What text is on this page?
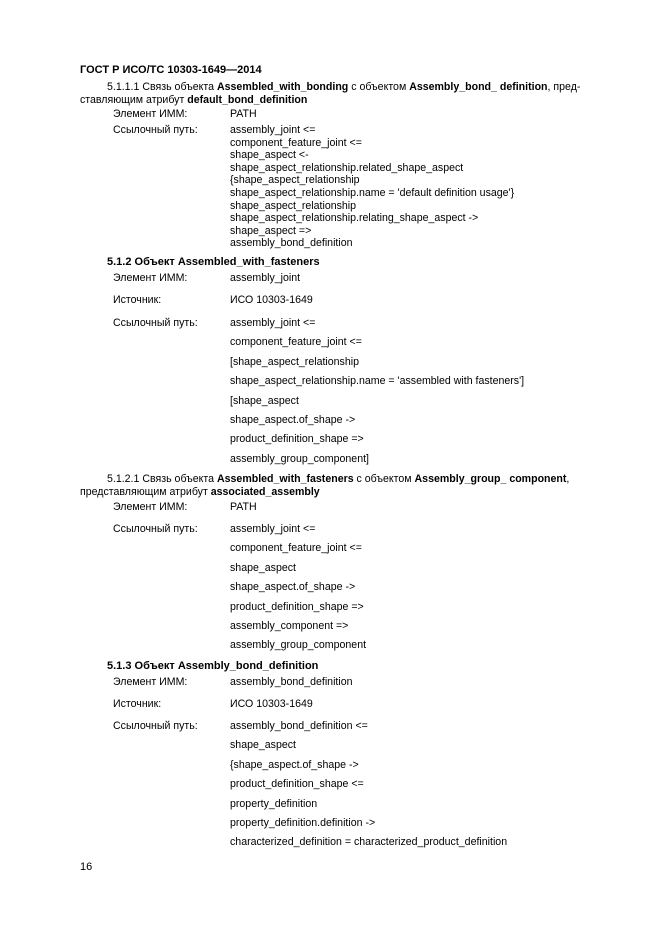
ГОСТ Р ИСО/ТС 10303-1649—2014
5.1.1.1 Связь объекта Assembled_with_bonding с объектом Assembly_bond_ definition, пред-
ставляющим атрибут default_bond_definition
Элемент ИММ:	PATH
Ссылочный путь:	assembly_joint <=
component_feature_joint <=
shape_aspect <-
shape_aspect_relationship.related_shape_aspect
{shape_aspect_relationship
shape_aspect_relationship.name = 'default definition usage'}
shape_aspect_relationship
shape_aspect_relationship.relating_shape_aspect ->
shape_aspect =>
assembly_bond_definition
5.1.2 Объект Assembled_with_fasteners
Элемент ИММ:	assembly_joint
Источник:	ИСО 10303-1649
Ссылочный путь:	assembly_joint <=
component_feature_joint <=
[shape_aspect_relationship
shape_aspect_relationship.name = 'assembled with fasteners']
[shape_aspect
shape_aspect.of_shape ->
product_definition_shape =>
assembly_group_component]
5.1.2.1 Связь объекта Assembled_with_fasteners с объектом Assembly_group_ component,
представляющим атрибут associated_assembly
Элемент ИММ:	PATH
Ссылочный путь:	assembly_joint <=
component_feature_joint <=
shape_aspect
shape_aspect.of_shape ->
product_definition_shape =>
assembly_component =>
assembly_group_component
5.1.3 Объект Assembly_bond_definition
Элемент ИММ:	assembly_bond_definition
Источник:	ИСО 10303-1649
Ссылочный путь:	assembly_bond_definition <=
shape_aspect
{shape_aspect.of_shape ->
product_definition_shape <=
property_definition
property_definition.definition ->
characterized_definition = characterized_product_definition
16
